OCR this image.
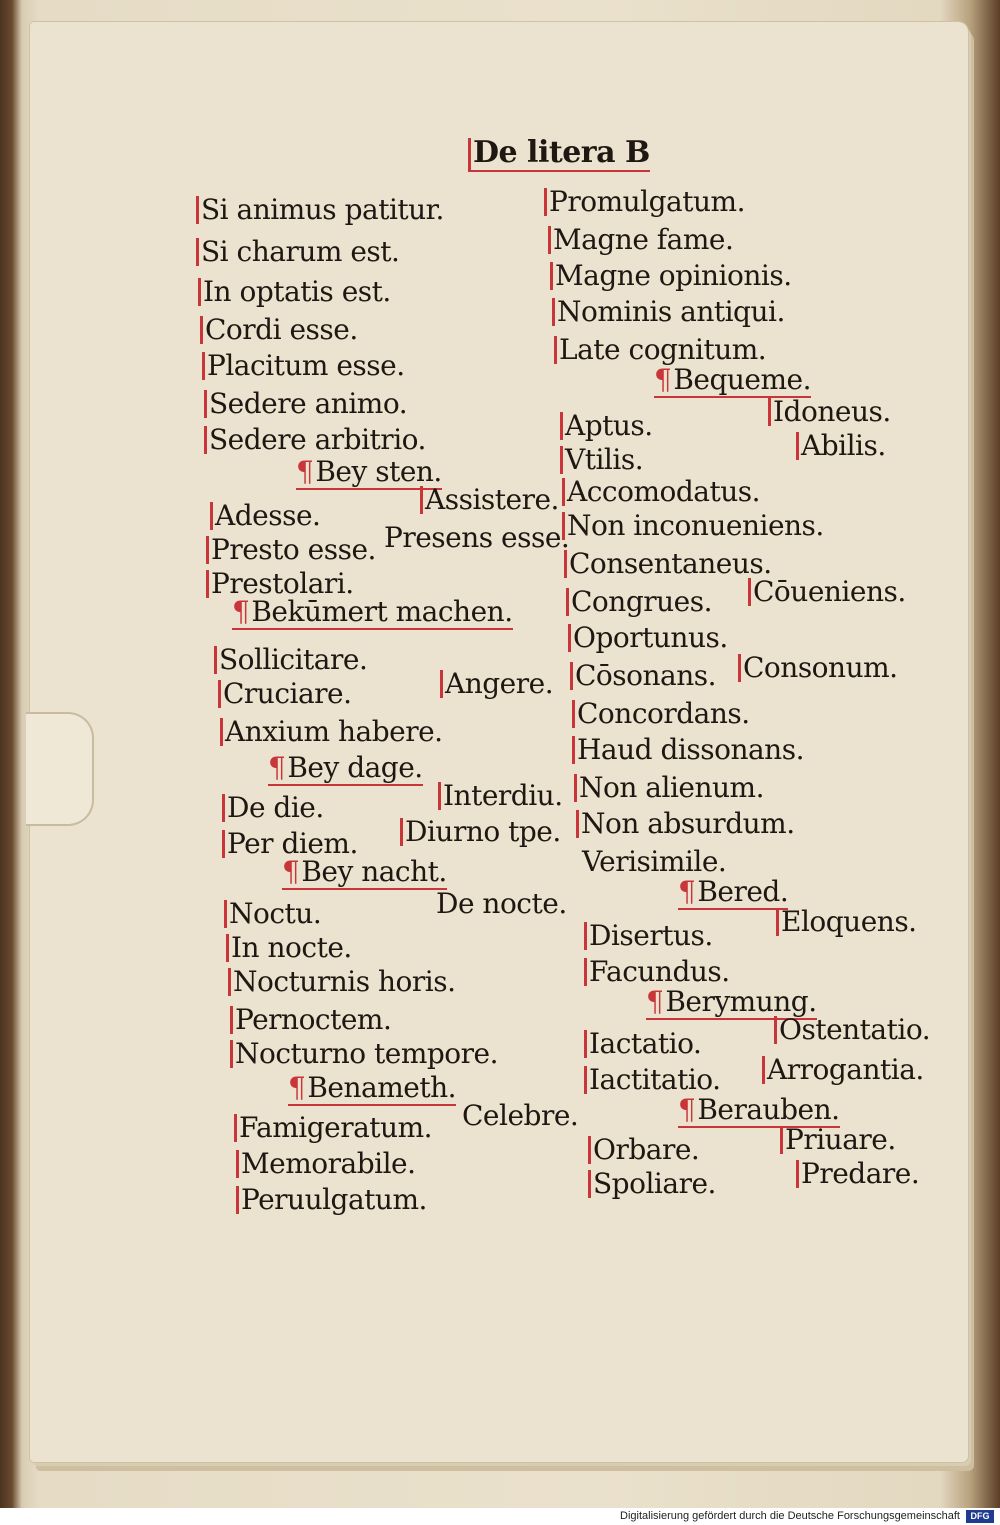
De litera B
Si animus patitur.
Si charum est.
In optatis est.
Cordi esse.
Placitum esse.
Sedere animo.
Sedere arbitrio.
¶Bey sten.
Adesse.	Assistere.
Presto esse. Presens esse.
Prestolari.
¶Bekūmert machen.
Sollicitare.
Cruciare.	Angere.
Anxium habere.
¶Bey dage.
De die.	Interdiu.
Per diem. Diurno tpe.
¶Bey nacht.
Noctu.	De nocte.
In nocte.
Nocturnis horis.
Pernoctem.
Nocturno tempore.
¶Benameth.
Famigeratum. Celebre.
Memorabile.
Peruulgatum.
Promulgatum.
Magne fame.
Magne opinionis.
Nominis antiqui.
Late cognitum.
¶Bequeme.
Aptus.	Idoneus.
Vtilis.	Abilis.
Accomodatus.
Non inconueniens.
Consentaneus.
Congrues. Cōueniens.
Oportunus.
Cōsonans. Consonum.
Concordans.
Haud dissonans.
Non alienum.
Non absurdum.
Verisimile.
¶Bered.
Disertus. Eloquens.
Facundus.
¶Berymung.
Iactatio.	Ostentatio.
Iactitatio. Arrogantia.
¶Berauben.
Orbare.	Priuare.
Spoliare.	Predare.
Digitalisierung gefördert durch die Deutsche Forschungsgemeinschaft	DFG
